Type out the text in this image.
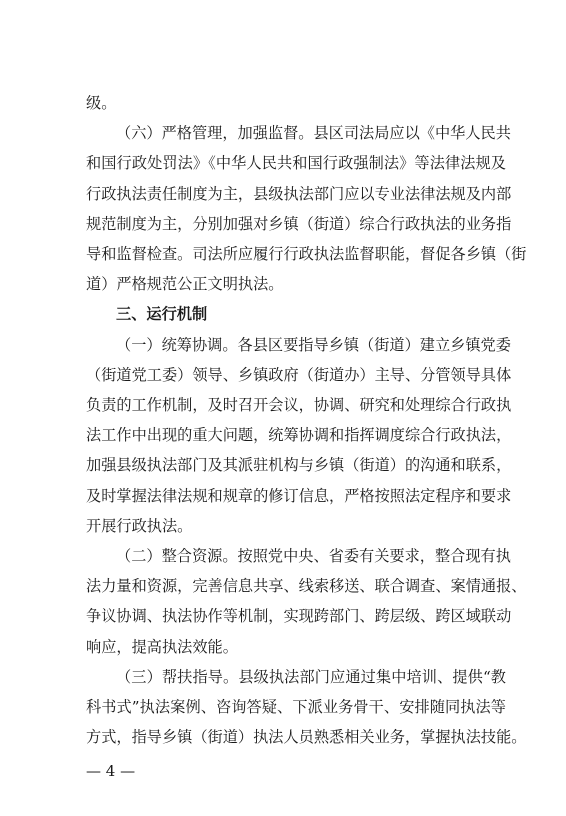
级。
（六）严格管理，加强监督。县区司法局应以《中华人民共
和国行政处罚法》《中华人民共和国行政强制法》等法律法规及
行政执法责任制度为主，县级执法部门应以专业法律法规及内部
规范制度为主，分别加强对乡镇（街道）综合行政执法的业务指
导和监督检查。司法所应履行行政执法监督职能，督促各乡镇（街
道）严格规范公正文明执法。
三、运行机制
（一）统筹协调。各县区要指导乡镇（街道）建立乡镇党委
（街道党工委）领导、乡镇政府（街道办）主导、分管领导具体
负责的工作机制，及时召开会议，协调、研究和处理综合行政执
法工作中出现的重大问题，统筹协调和指挥调度综合行政执法，
加强县级执法部门及其派驻机构与乡镇（街道）的沟通和联系，
及时掌握法律法规和规章的修订信息，严格按照法定程序和要求
开展行政执法。
（二）整合资源。按照党中央、省委有关要求，整合现有执
法力量和资源，完善信息共享、线索移送、联合调查、案情通报、
争议协调、执法协作等机制，实现跨部门、跨层级、跨区域联动
响应，提高执法效能。
（三）帮扶指导。县级执法部门应通过集中培训、提供“教
科书式”执法案例、咨询答疑、下派业务骨干、安排随同执法等
方式，指导乡镇（街道）执法人员熟悉相关业务，掌握执法技能。
— 4 —
